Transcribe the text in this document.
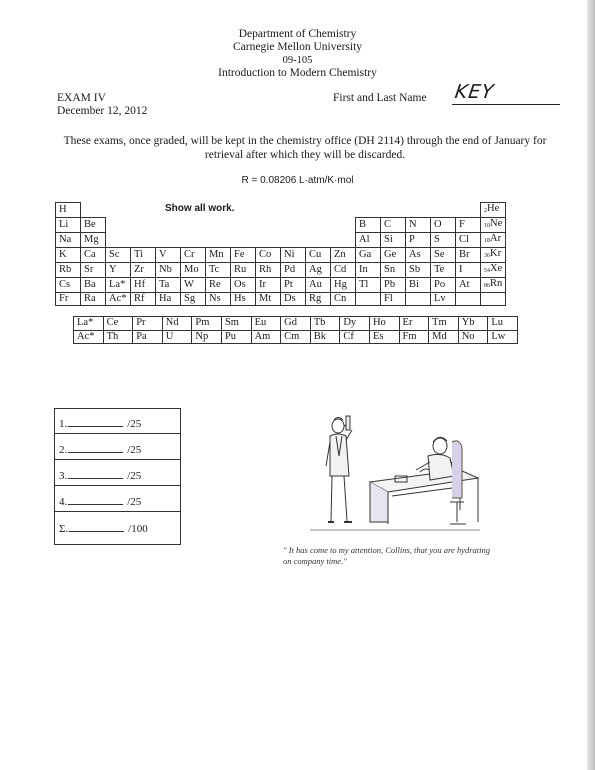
Department of Chemistry
Carnegie Mellon University
09-105
Introduction to Modern Chemistry
EXAM IV
December 12, 2012
First and Last Name KEY
These exams, once graded, will be kept in the chemistry office (DH 2114) through the end of January for retrieval after which they will be discarded.
R = 0.08206 L·atm/K·mol
H																	$_2$He
Li	Be											B	C	N	O	F	$_{10}$Ne
Na	Mg											Al	Si	P	S	Cl	$_{18}$Ar
K	Ca	Sc	Ti	V	Cr	Mn	Fe	Co	Ni	Cu	Zn	Ga	Ge	As	Se	Br	$_{36}$Kr
Rb	Sr	Y	Zr	Nb	Mo	Tc	Ru	Rh	Pd	Ag	Cd	In	Sn	Sb	Te	I	$_{54}$Xe
Cs	Ba	La*	Hf	Ta	W	Re	Os	Ir	Pt	Au	Hg	Tl	Pb	Bi	Po	At	$_{86}$Rn
Fr	Ra	Ac*	Rf	Ha	Sg	Ns	Hs	Mt	Ds	Rg	Cn		Fl		Lv		
Show all work.
La*	Ce	Pr	Nd	Pm	Sm	Eu	Gd	Tb	Dy	Ho	Er	Tm	Yb	Lu
Ac*	Th	Pa	U	Np	Pu	Am	Cm	Bk	Cf	Es	Fm	Md	No	Lw
1.	/25
2.	/25
3.	/25
4.	/25
Σ.	/100
" It has come to my attention, Collins, that you are hydrating on company time."
